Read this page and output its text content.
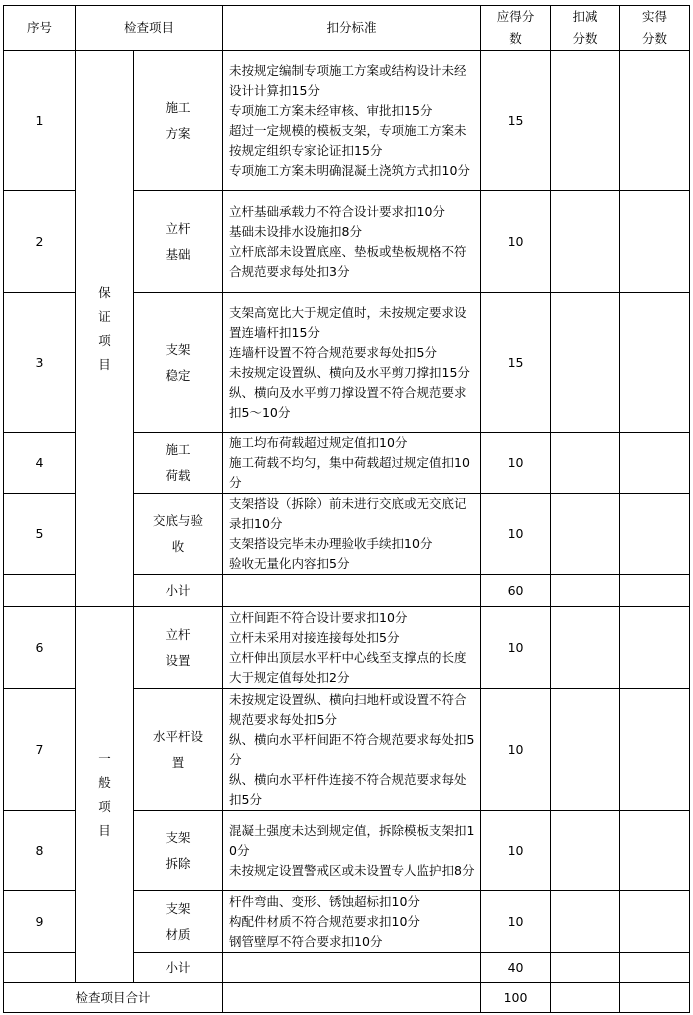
序号	检查项目		扣分标准	应得分数	扣减分数	实得分数
1	保证项目	施工方案	未按规定编制专项施工方案或结构设计未经设计计算扣15分
专项施工方案未经审核、审批扣15分
超过一定规模的模板支架，专项施工方案未按规定组织专家论证扣15分
专项施工方案未明确混凝土浇筑方式扣10分	15		
2		立杆基础	立杆基础承载力不符合设计要求扣10分
基础未设排水设施扣8分
立杆底部未设置底座、垫板或垫板规格不符合规范要求每处扣3分	10		
3		支架稳定	支架高宽比大于规定值时，未按规定要求设置连墙杆扣15分
连墙杆设置不符合规范要求每处扣5分
未按规定设置纵、横向及水平剪刀撑扣15分
纵、横向及水平剪刀撑设置不符合规范要求扣5～10分	15		
4		施工荷载	施工均布荷载超过规定值扣10分
施工荷载不均匀，集中荷载超过规定值扣10分	10		
5		交底与验 收	支架搭设（拆除）前未进行交底或无交底记录扣10分
支架搭设完毕未办理验收手续扣10分
验收无量化内容扣5分	10		
		小计		60		
6	一般项目	立杆设置	立杆间距不符合设计要求扣10分
立杆未采用对接连接每处扣5分
立杆伸出顶层水平杆中心线至支撑点的长度大于规定值每处扣2分	10		
7		水平杆设 置	未按规定设置纵、横向扫地杆或设置不符合规范要求每处扣5分
纵、横向水平杆间距不符合规范要求每处扣5分
纵、横向水平杆件连接不符合规范要求每处扣5分	10		
8		支架拆除	混凝土强度未达到规定值，拆除模板支架扣10分
未按规定设置警戒区或未设置专人监护扣8分	10		
9		支架材质	杆件弯曲、变形、锈蚀超标扣10分
构配件材质不符合规范要求扣10分
钢管壁厚不符合要求扣10分	10		
		小计		40		
检查项目合计				100		
